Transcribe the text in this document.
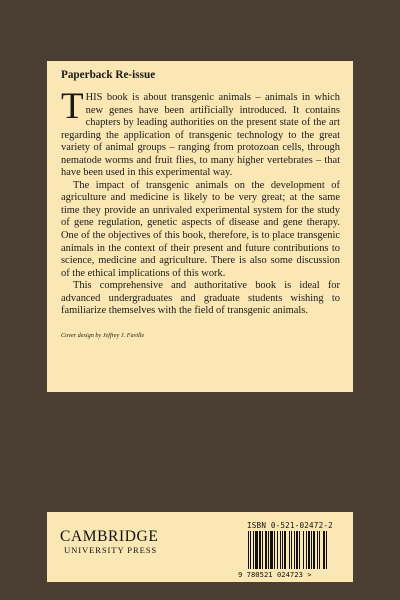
Paperback Re-issue

THIS book is about transgenic animals – animals in which new genes have been artificially introduced. It contains chapters by leading authorities on the present state of the art regarding the application of transgenic technology to the great variety of animal groups – ranging from protozoan cells, through nematode worms and fruit flies, to many higher vertebrates – that have been used in this experimental way.

The impact of transgenic animals on the development of agriculture and medicine is likely to be very great; at the same time they provide an unrivaled experimental system for the study of gene regulation, genetic aspects of disease and gene therapy. One of the objectives of this book, therefore, is to place transgenic animals in the context of their present and future contributions to science, medicine and agriculture. There is also some discussion of the ethical implications of this work.

This comprehensive and authoritative book is ideal for advanced undergraduates and graduate students wishing to familiarize themselves with the field of transgenic animals.

Cover design by Jeffrey J. Faville
CAMBRIDGE
UNIVERSITY PRESS
ISBN 0-521-02472-2
9 780521 024723 >
